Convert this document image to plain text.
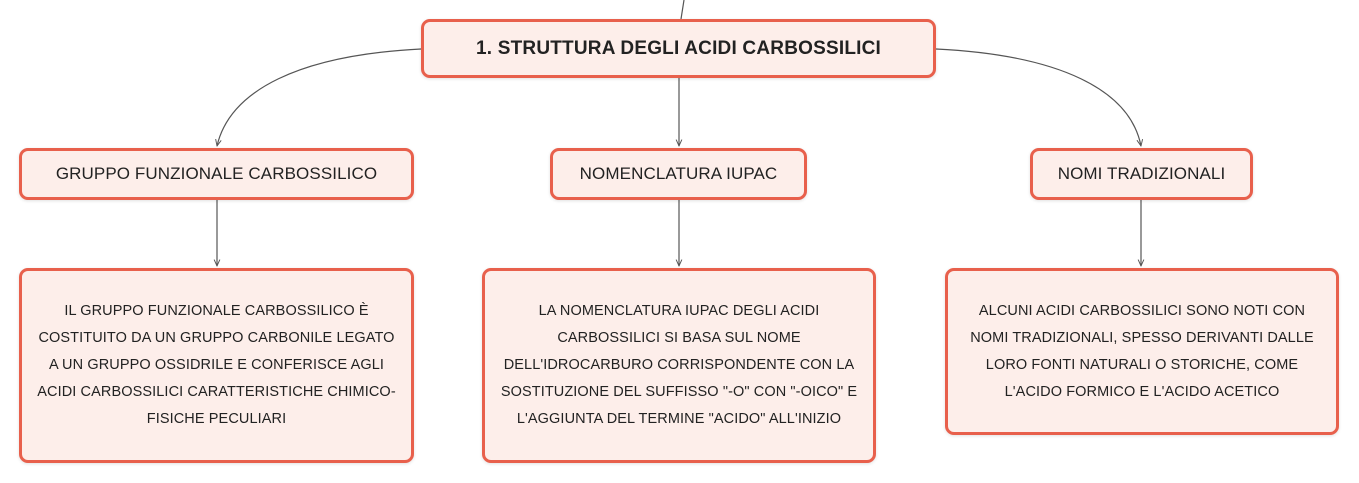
1. STRUTTURA DEGLI ACIDI CARBOSSILICI
GRUPPO FUNZIONALE CARBOSSILICO	NOMENCLATURA IUPAC	NOMI TRADIZIONALI
IL GRUPPO FUNZIONALE CARBOSSILICO È COSTITUITO DA UN GRUPPO CARBONILE LEGATO A UN GRUPPO OSSIDRILE E CONFERISCE AGLI ACIDI CARBOSSILICI CARATTERISTICHE CHIMICO-FISICHE PECULIARI
LA NOMENCLATURA IUPAC DEGLI ACIDI CARBOSSILICI SI BASA SUL NOME DELL'IDROCARBURO CORRISPONDENTE CON LA SOSTITUZIONE DEL SUFFISSO "-O" CON "-OICO" E L'AGGIUNTA DEL TERMINE "ACIDO" ALL'INIZIO
ALCUNI ACIDI CARBOSSILICI SONO NOTI CON NOMI TRADIZIONALI, SPESSO DERIVANTI DALLE LORO FONTI NATURALI O STORICHE, COME L'ACIDO FORMICO E L'ACIDO ACETICO
